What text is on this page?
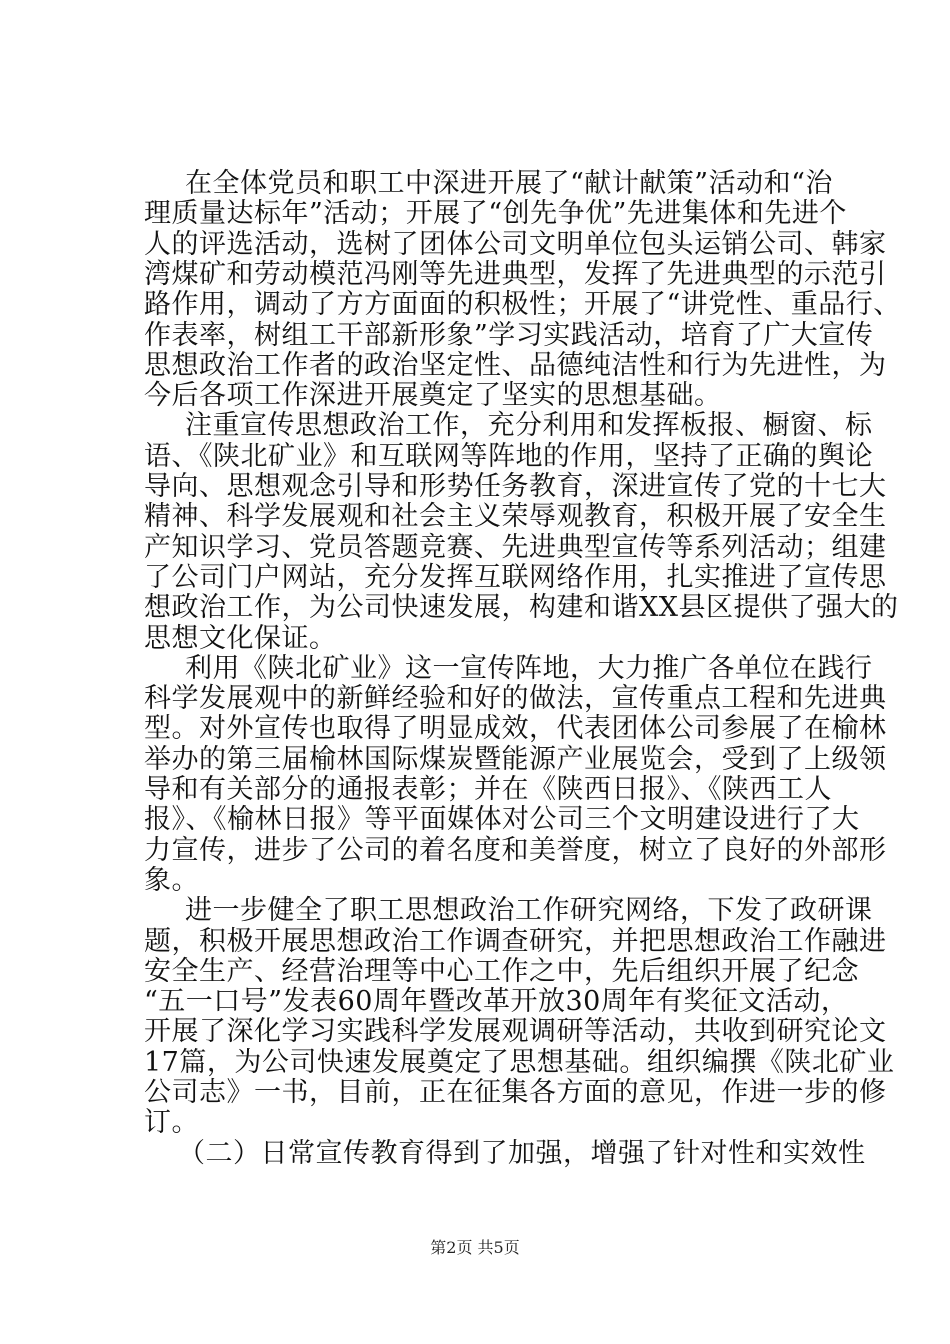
在全体党员和职工中深进开展了“献计献策”活动和“治
理质量达标年”活动；开展了“创先争优”先进集体和先进个
人的评选活动，选树了团体公司文明单位包头运销公司、韩家
湾煤矿和劳动模范冯刚等先进典型，发挥了先进典型的示范引
路作用，调动了方方面面的积极性；开展了“讲党性、重品行、
作表率，树组工干部新形象”学习实践活动，培育了广大宣传
思想政治工作者的政治坚定性、品德纯洁性和行为先进性，为
今后各项工作深进开展奠定了坚实的思想基础。
注重宣传思想政治工作，充分利用和发挥板报、橱窗、标
语、《陕北矿业》和互联网等阵地的作用，坚持了正确的舆论
导向、思想观念引导和形势任务教育，深进宣传了党的十七大
精神、科学发展观和社会主义荣辱观教育，积极开展了安全生
产知识学习、党员答题竞赛、先进典型宣传等系列活动；组建
了公司门户网站，充分发挥互联网络作用，扎实推进了宣传思
想政治工作，为公司快速发展，构建和谐XX县区提供了强大的
思想文化保证。
利用《陕北矿业》这一宣传阵地，大力推广各单位在践行
科学发展观中的新鲜经验和好的做法，宣传重点工程和先进典
型。对外宣传也取得了明显成效，代表团体公司参展了在榆林
举办的第三届榆林国际煤炭暨能源产业展览会，受到了上级领
导和有关部分的通报表彰；并在《陕西日报》、《陕西工人
报》、《榆林日报》等平面媒体对公司三个文明建设进行了大
力宣传，进步了公司的着名度和美誉度，树立了良好的外部形
象。
进一步健全了职工思想政治工作研究网络，下发了政研课
题，积极开展思想政治工作调查研究，并把思想政治工作融进
安全生产、经营治理等中心工作之中，先后组织开展了纪念
“五一口号”发表60周年暨改革开放30周年有奖征文活动，
开展了深化学习实践科学发展观调研等活动，共收到研究论文
17篇，为公司快速发展奠定了思想基础。组织编撰《陕北矿业
公司志》一书，目前，正在征集各方面的意见，作进一步的修
订。
（二）日常宣传教育得到了加强，增强了针对性和实效性
第2页 共5页
